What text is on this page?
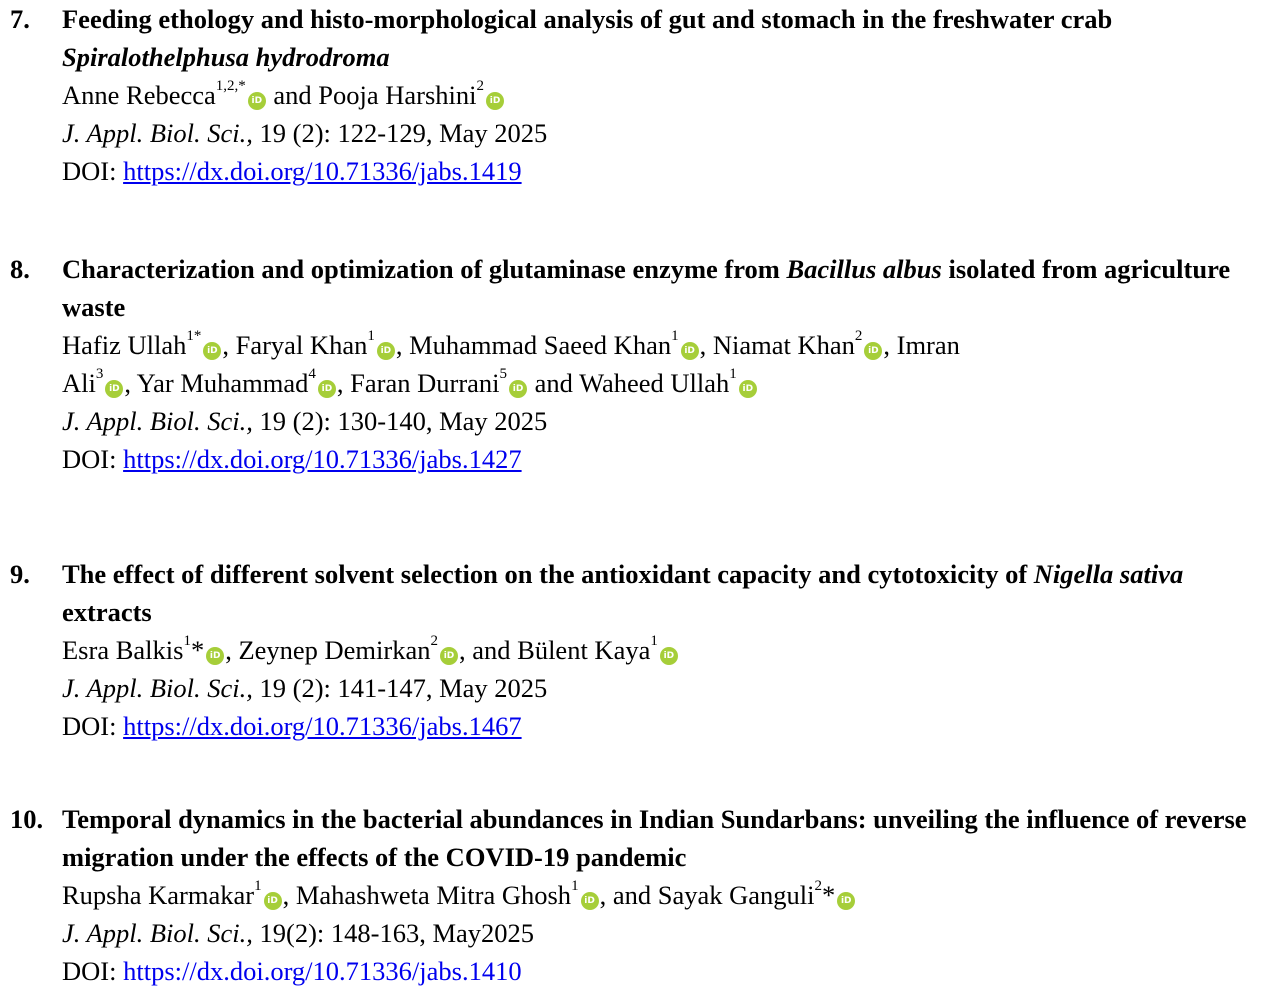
7. Feeding ethology and histo-morphological analysis of gut and stomach in the freshwater crab Spiralothelphusa hydrodroma

Anne Rebecca$^{1,2,*}$iD and Pooja Harshini$^2$iD
J. Appl. Biol. Sci., 19 (2): 122-129, May 2025
DOI: https://dx.doi.org/10.71336/jabs.1419
8. Characterization and optimization of glutaminase enzyme from Bacillus albus isolated from agriculture waste

Hafiz Ullah$^{1*}$iD , Faryal Khan$^1$iD , Muhammad Saeed Khan$^1$iD , Niamat Khan$^2$iD , Imran
Ali$^3$iD , Yar Muhammad$^4$iD , Faran Durrani$^5$iD and Waheed Ullah$^1$iD
J. Appl. Biol. Sci., 19 (2): 130-140, May 2025
DOI: https://dx.doi.org/10.71336/jabs.1427
9. The effect of different solvent selection on the antioxidant capacity and cytotoxicity of Nigella sativa extracts

Esra Balkis$^1$* iD , Zeynep Demirkan$^2$iD , and Bülent Kaya$^1$iD
J. Appl. Biol. Sci., 19 (2): 141-147, May 2025
DOI: https://dx.doi.org/10.71336/jabs.1467
10. Temporal dynamics in the bacterial abundances in Indian Sundarbans: unveiling the influence of reverse migration under the effects of the COVID-19 pandemic

Rupsha Karmakar$^1$iD , Mahashweta Mitra Ghosh$^1$iD , and Sayak Ganguli$^2$* iD
J. Appl. Biol. Sci., 19(2): 148-163, May2025
DOI: https://dx.doi.org/10.71336/jabs.1410
